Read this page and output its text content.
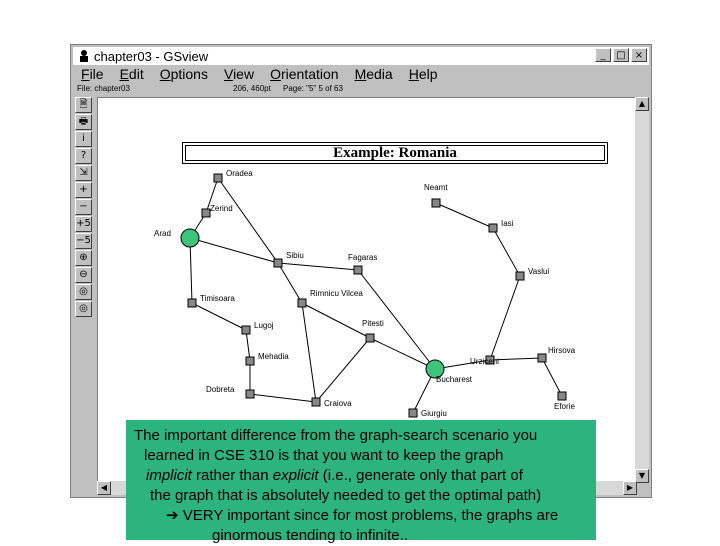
chapter03 - GSview	_	□ ×
File	Edit	Options	View	Orientation	Media	Help
File: chapter03	206, 460pt Page: "5" 5 of 63
🗎
🖶
i
?
⇲
+
−
+5
−5
⊕
⊖
◎
◎
Example: Romania
Oradea
Zerind
Arad
Timisoara
Lugoj
Mehadia
Dobreta
Craiova
Sibiu	Fagaras
Rimnicu Vilcea
Pitesti
Bucharest
Giurgiu
Urziceni
Hirsova
Eforie
Vaslui
Iasi
Neamt
▲
▼
◀	▶
The important difference from the graph-search scenario you
learned in CSE 310 is that you want to keep the graph
implicit rather than explicit (i.e., generate only that part of
the graph that is absolutely needed to get the optimal path)
➔ VERY important since for most problems, the graphs are
ginormous tending to infinite..
